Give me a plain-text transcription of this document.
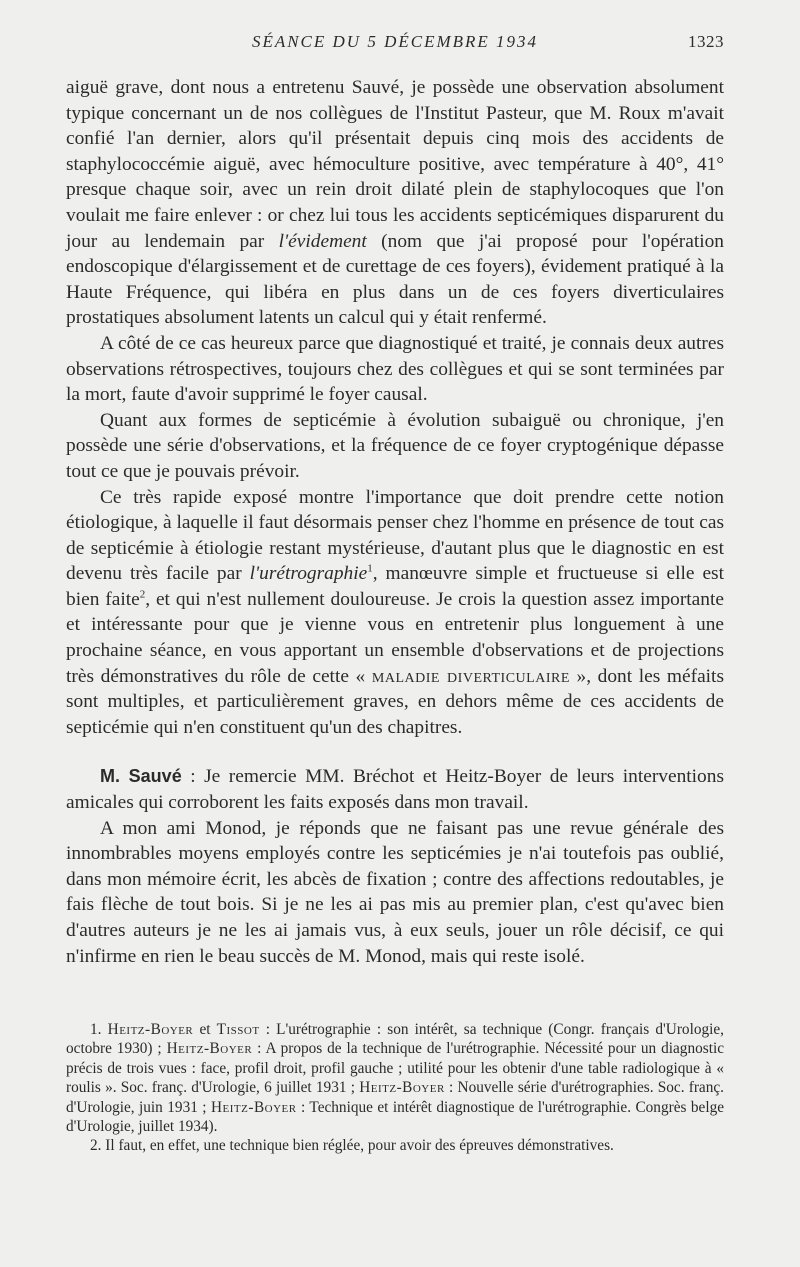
SÉANCE DU 5 DÉCEMBRE 1934	1323

aiguë grave, dont nous a entretenu Sauvé, je possède une observation absolument typique concernant un de nos collègues de l'Institut Pasteur, que M. Roux m'avait confié l'an dernier, alors qu'il présentait depuis cinq mois des accidents de staphylococcémie aiguë, avec hémoculture positive, avec température à 40°, 41° presque chaque soir, avec un rein droit dilaté plein de staphylocoques que l'on voulait me faire enlever : or chez lui tous les accidents septicémiques disparurent du jour au lendemain par l'évidement (nom que j'ai proposé pour l'opération endoscopique d'élargissement et de curettage de ces foyers), évidement pratiqué à la Haute Fréquence, qui libéra en plus dans un de ces foyers diverticulaires prostatiques absolument latents un calcul qui y était renfermé.

A côté de ce cas heureux parce que diagnostiqué et traité, je connais deux autres observations rétrospectives, toujours chez des collègues et qui se sont terminées par la mort, faute d'avoir supprimé le foyer causal.

Quant aux formes de septicémie à évolution subaiguë ou chronique, j'en possède une série d'observations, et la fréquence de ce foyer cryptogénique dépasse tout ce que je pouvais prévoir.

Ce très rapide exposé montre l'importance que doit prendre cette notion étiologique, à laquelle il faut désormais penser chez l'homme en présence de tout cas de septicémie à étiologie restant mystérieuse, d'autant plus que le diagnostic en est devenu très facile par l'urétrographie$^1$, manœuvre simple et fructueuse si elle est bien faite$^2$, et qui n'est nullement douloureuse. Je crois la question assez importante et intéressante pour que je vienne vous en entretenir plus longuement à une prochaine séance, en vous apportant un ensemble d'observations et de projections très démonstratives du rôle de cette « maladie diverticulaire », dont les méfaits sont multiples, et particulièrement graves, en dehors même de ces accidents de septicémie qui n'en constituent qu'un des chapitres.

M. Sauvé : Je remercie MM. Bréchot et Heitz-Boyer de leurs interventions amicales qui corroborent les faits exposés dans mon travail.

A mon ami Monod, je réponds que ne faisant pas une revue générale des innombrables moyens employés contre les septicémies je n'ai toutefois pas oublié, dans mon mémoire écrit, les abcès de fixation ; contre des affections redoutables, je fais flèche de tout bois. Si je ne les ai pas mis au premier plan, c'est qu'avec bien d'autres auteurs je ne les ai jamais vus, à eux seuls, jouer un rôle décisif, ce qui n'infirme en rien le beau succès de M. Monod, mais qui reste isolé.

1. Heitz-Boyer et Tissot : L'urétrographie : son intérêt, sa technique (Congr. français d'Urologie, octobre 1930) ; Heitz-Boyer : A propos de la technique de l'urétrographie. Nécessité pour un diagnostic précis de trois vues : face, profil droit, profil gauche ; utilité pour les obtenir d'une table radiologique à « roulis ». Soc. franç. d'Urologie, 6 juillet 1931 ; Heitz-Boyer : Nouvelle série d'urétrographies. Soc. franç. d'Urologie, juin 1931 ; Heitz-Boyer : Technique et intérêt diagnostique de l'urétrographie. Congrès belge d'Urologie, juillet 1934).

2. Il faut, en effet, une technique bien réglée, pour avoir des épreuves démonstratives.
